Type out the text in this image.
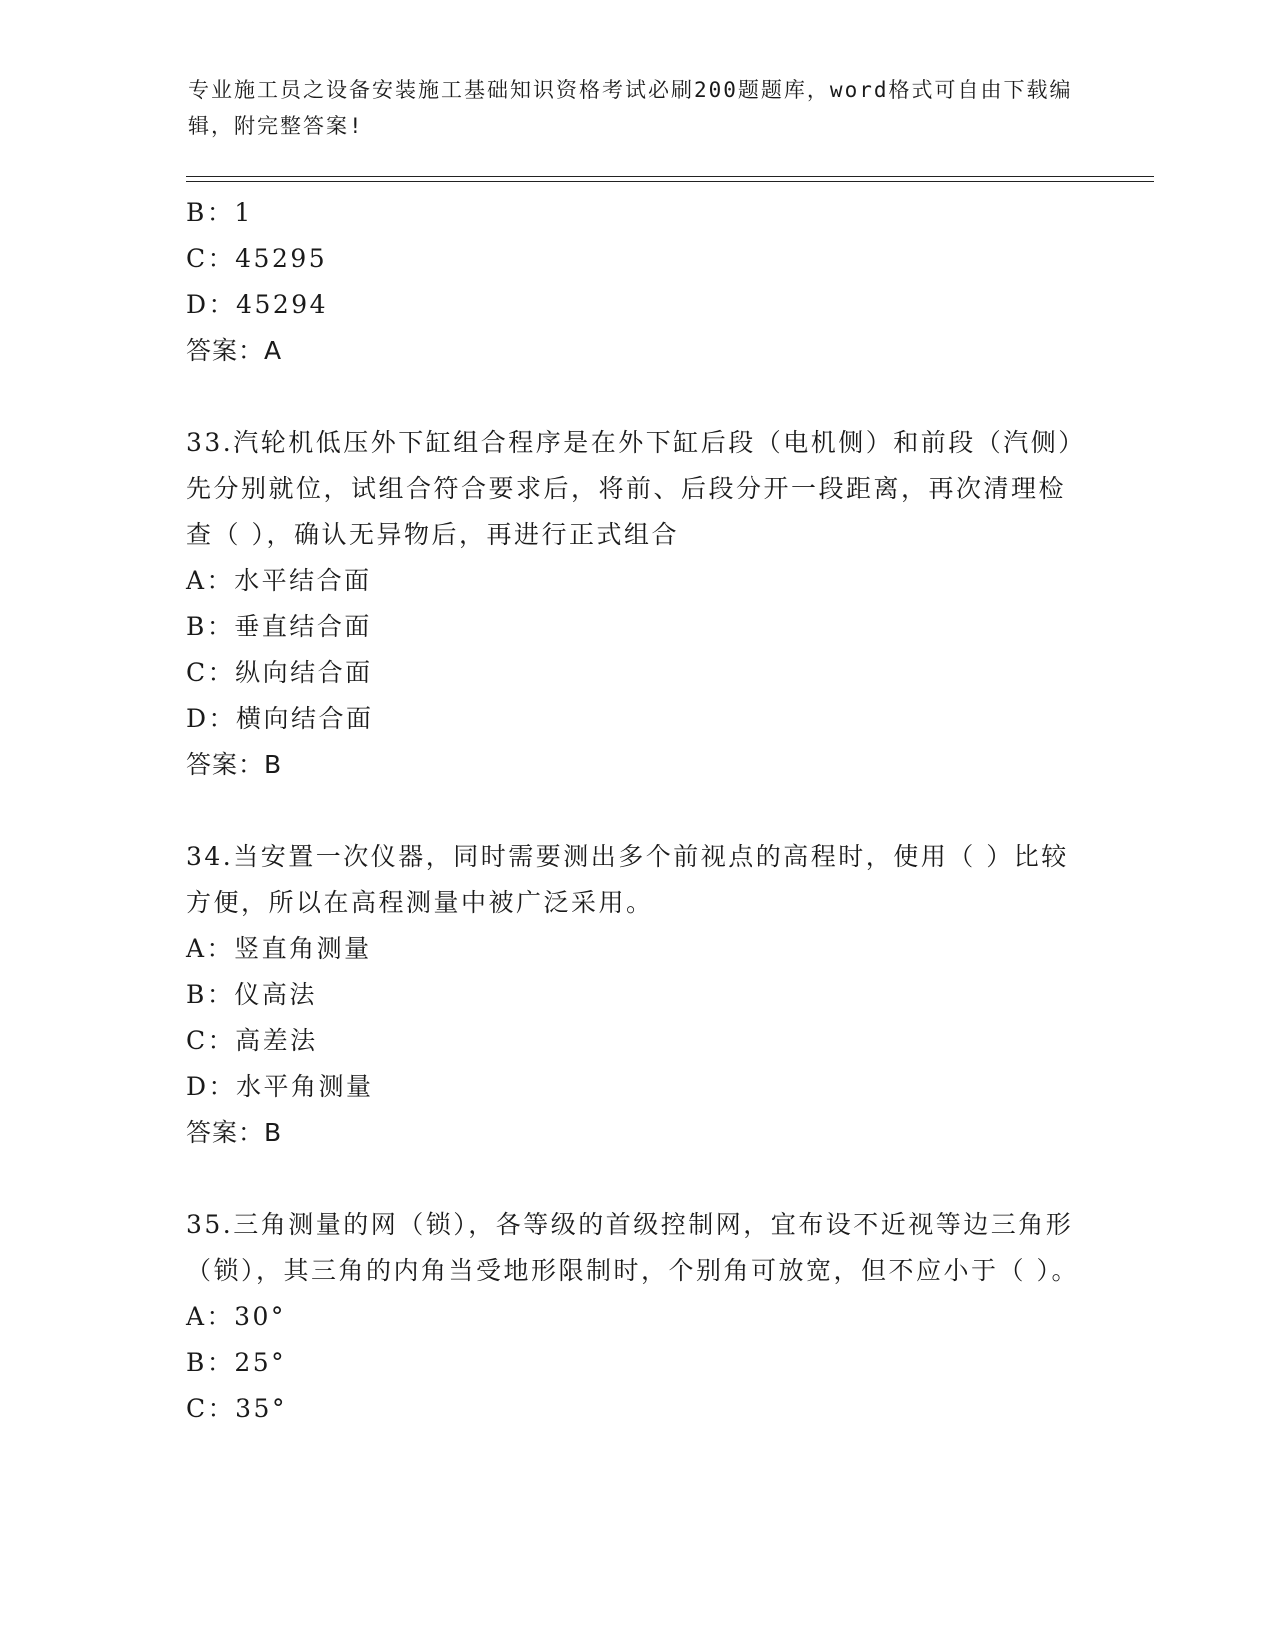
专业施工员之设备安装施工基础知识资格考试必刷200题题库，word格式可自由下载编辑，附完整答案!
B：1
C：45295
D：45294
答案：A
33.汽轮机低压外下缸组合程序是在外下缸后段（电机侧）和前段（汽侧）先分别就位，试组合符合要求后，将前、后段分开一段距离，再次清理检查（ ），确认无异物后，再进行正式组合
A：水平结合面
B：垂直结合面
C：纵向结合面
D：横向结合面
答案：B
34.当安置一次仪器，同时需要测出多个前视点的高程时，使用（ ）比较方便，所以在高程测量中被广泛采用。
A：竖直角测量
B：仪高法
C：高差法
D：水平角测量
答案：B
35.三角测量的网（锁），各等级的首级控制网，宜布设不近视等边三角形（锁），其三角的内角当受地形限制时，个别角可放宽，但不应小于（ ）。
A：30°
B：25°
C：35°
